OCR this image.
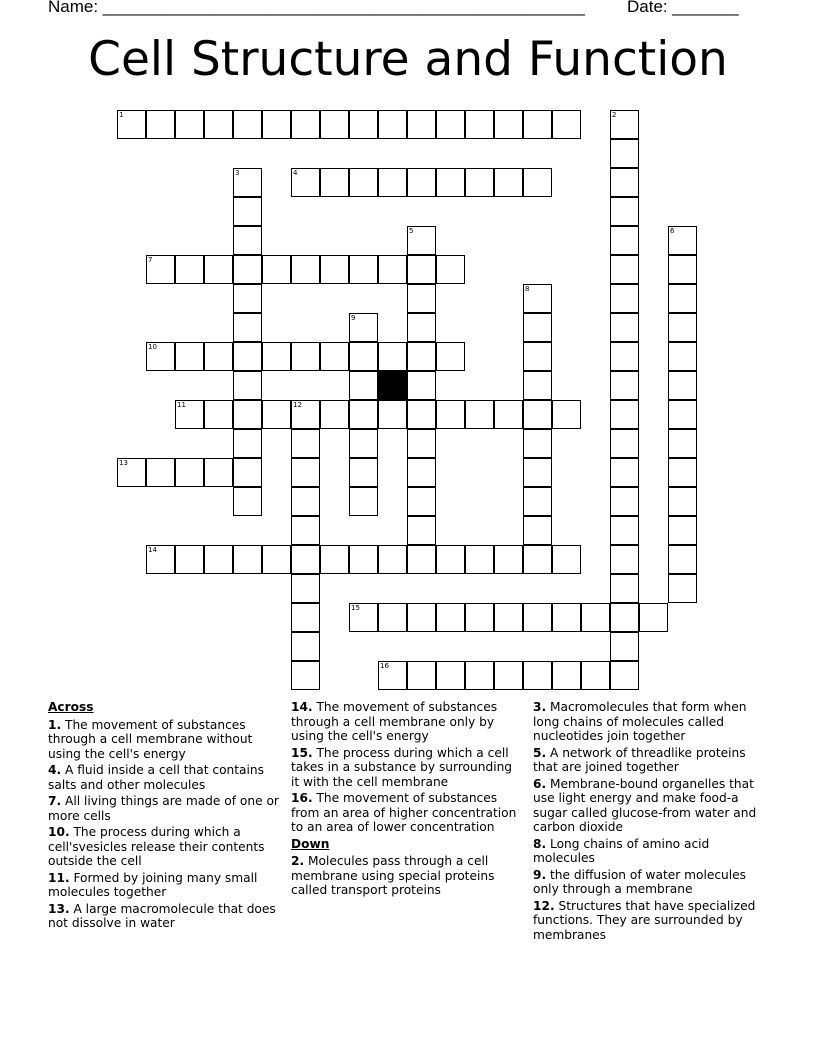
Name: ___________________________________________________ Date: _______
Cell Structure and Function
1	2
3	4
5	6
7
8
9
10
11	12
13
14
15
16
Across
1. The movement of substances through a cell membrane without using the cell's energy
4. A fluid inside a cell that contains salts and other molecules
7. All living things are made of one or more cells
10. The process during which a cell'svesicles release their contents outside the cell
11. Formed by joining many small molecules together
13. A large macromolecule that does not dissolve in water
14. The movement of substances through a cell membrane only by using the cell's energy
15. The process during which a cell takes in a substance by surrounding it with the cell membrane
16. The movement of substances from an area of higher concentration to an area of lower concentration
Down
2. Molecules pass through a cell membrane using special proteins called transport proteins
3. Macromolecules that form when long chains of molecules called nucleotides join together
5. A network of threadlike proteins that are joined together
6. Membrane-bound organelles that use light energy and make food-a sugar called glucose-from water and carbon dioxide
8. Long chains of amino acid molecules
9. the diffusion of water molecules only through a membrane
12. Structures that have specialized functions. They are surrounded by membranes
